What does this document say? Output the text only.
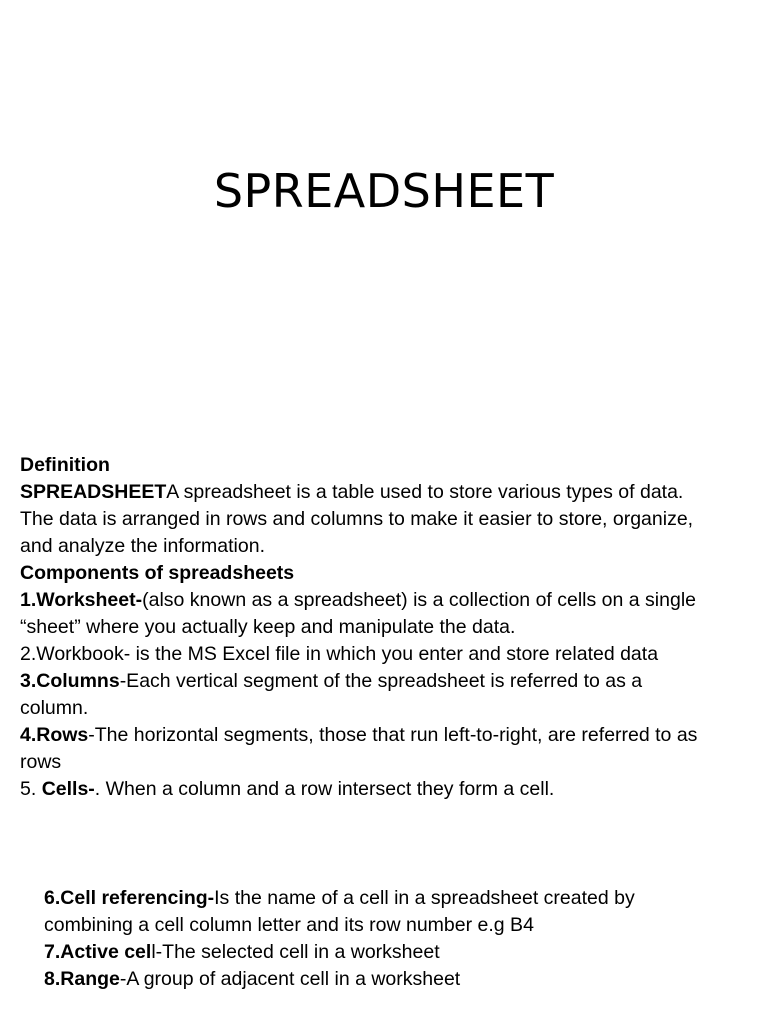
SPREADSHEET

Definition

SPREADSHEETA spreadsheet is a table used to store various types of data. The data is arranged in rows and columns to make it easier to store, organize, and analyze the information.

Components of spreadsheets

1.Worksheet-(also known as a spreadsheet) is a collection of cells on a single “sheet” where you actually keep and manipulate the data.

2.Workbook- is the MS Excel file in which you enter and store related data

3.Columns-Each vertical segment of the spreadsheet is referred to as a column.

4.Rows-The horizontal segments, those that run left-to-right, are referred to as rows

5. Cells-. When a column and a row intersect they form a cell.

6.Cell referencing-Is the name of a cell in a spreadsheet created by combining a cell column letter and its row number e.g B4

7.Active cell-The selected cell in a worksheet

8.Range-A group of adjacent cell in a worksheet
